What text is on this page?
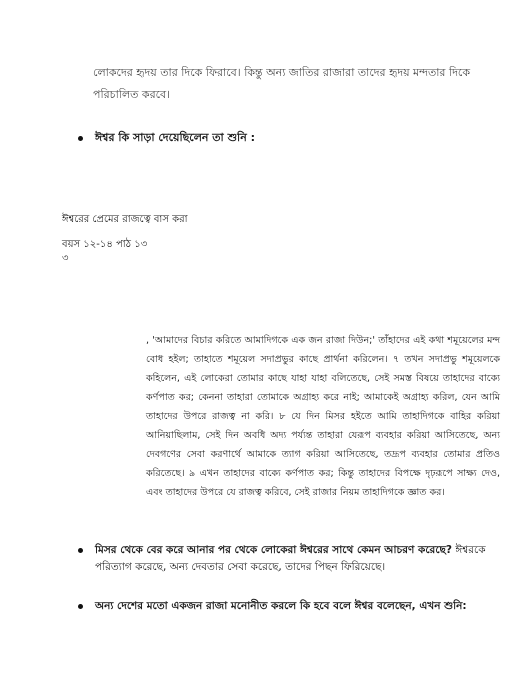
লোকদের হৃদয় তার দিকে ফিরাবে। কিন্তু অন্য জাতির রাজারা তাদের হৃদয় মন্দতার দিকে পরিচালিত করবে।
ঈশ্বর কি সাড়া দেয়েছিলেন তা শুনি :
ঈশ্বরের প্রেমের রাজত্বে বাস করা
বয়স ১২-১৪ পাঠ ১৩
৩
, 'আমাদের বিচার করিতে আমাদিগকে এক জন রাজা দিউন;' তাঁহাদের এই কথা শমূয়েলের মন্দ বোধ হইল; তাহাতে শমূয়েল সদাপ্রভুর কাছে প্রার্থনা করিলেন। ৭ তখন সদাপ্রভু শমূয়েলকে কহিলেন, এই লোকেরা তোমার কাছে যাহা যাহা বলিতেছে, সেই সমস্ত বিষয়ে তাহাদের বাক্যে কর্ণপাত কর; কেননা তাহারা তোমাকে অগ্রাহ্য করে নাই; আমাকেই অগ্রাহ্য করিল, যেন আমি তাহাদের উপরে রাজত্ব না করি। ৮ যে দিন মিসর হইতে আমি তাহাদিগকে বাহির করিয়া আনিয়াছিলাম, সেই দিন অবধি অদ্য পর্য্যন্ত তাহারা যেরূপ ব্যবহার করিয়া আসিতেছে, অন্য দেবগণের সেবা করণার্থে আমাকে ত্যাগ করিয়া আসিতেছে, তদ্রূপ ব্যবহার তোমার প্রতিও করিতেছে। ৯ এখন তাহাদের বাক্যে কর্ণপাত কর; কিন্তু তাহাদের বিপক্ষে দৃঢ়রূপে সাক্ষ্য দেও, এবং তাহাদের উপরে যে রাজত্ব করিবে, সেই রাজার নিয়ম তাহাদিগকে জ্ঞাত কর।
মিসর থেকে বের করে আনার পর থেকে লোকেরা ঈশ্বরের সাথে কেমন আচরণ করেছে? ঈশ্বরকে পরিত্যাগ করেছে, অন্য দেবতার সেবা করেছে, তাদের পিছন ফিরিয়েছে।
অন্য দেশের মতো একজন রাজা মনোনীত করলে কি হবে বলে ঈশ্বর বলেছেন, এখন শুনি:
